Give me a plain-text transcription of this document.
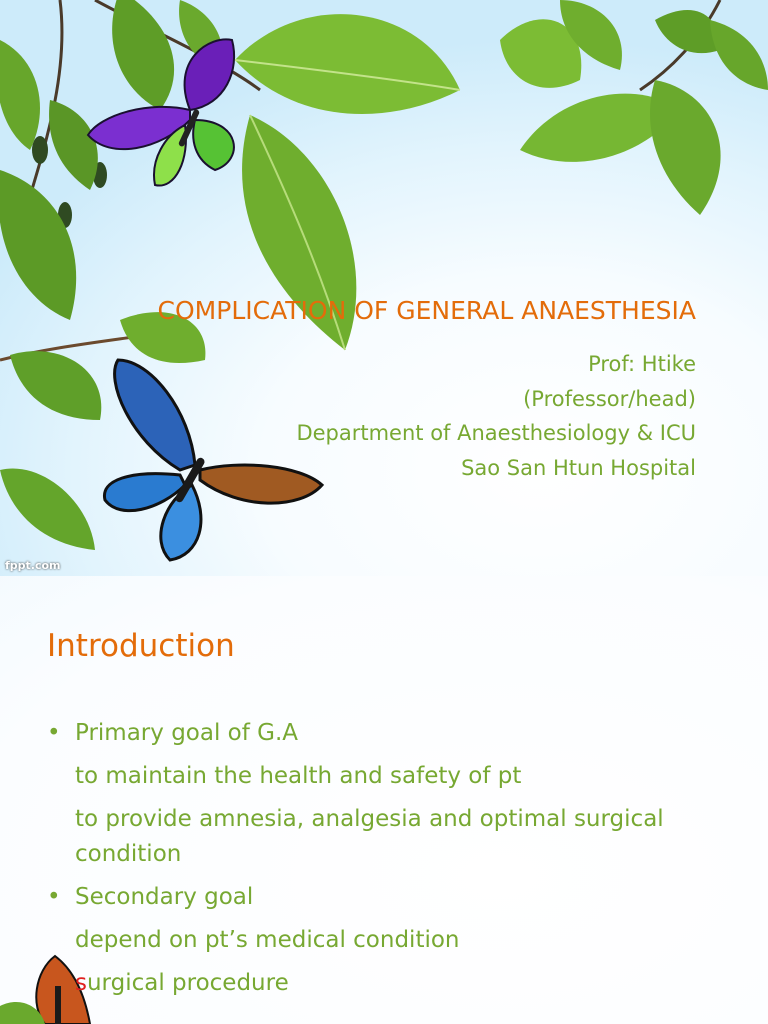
COMPLICATION OF GENERAL ANAESTHESIA
Prof: Htike
(Professor/head)
Department of Anaesthesiology & ICU
Sao San Htun Hospital
fppt.com
Introduction
• Primary goal of G.A
to maintain the health and safety of pt
to provide amnesia, analgesia and optimal surgical condition
• Secondary goal
depend on pt’s medical condition
surgical procedure
